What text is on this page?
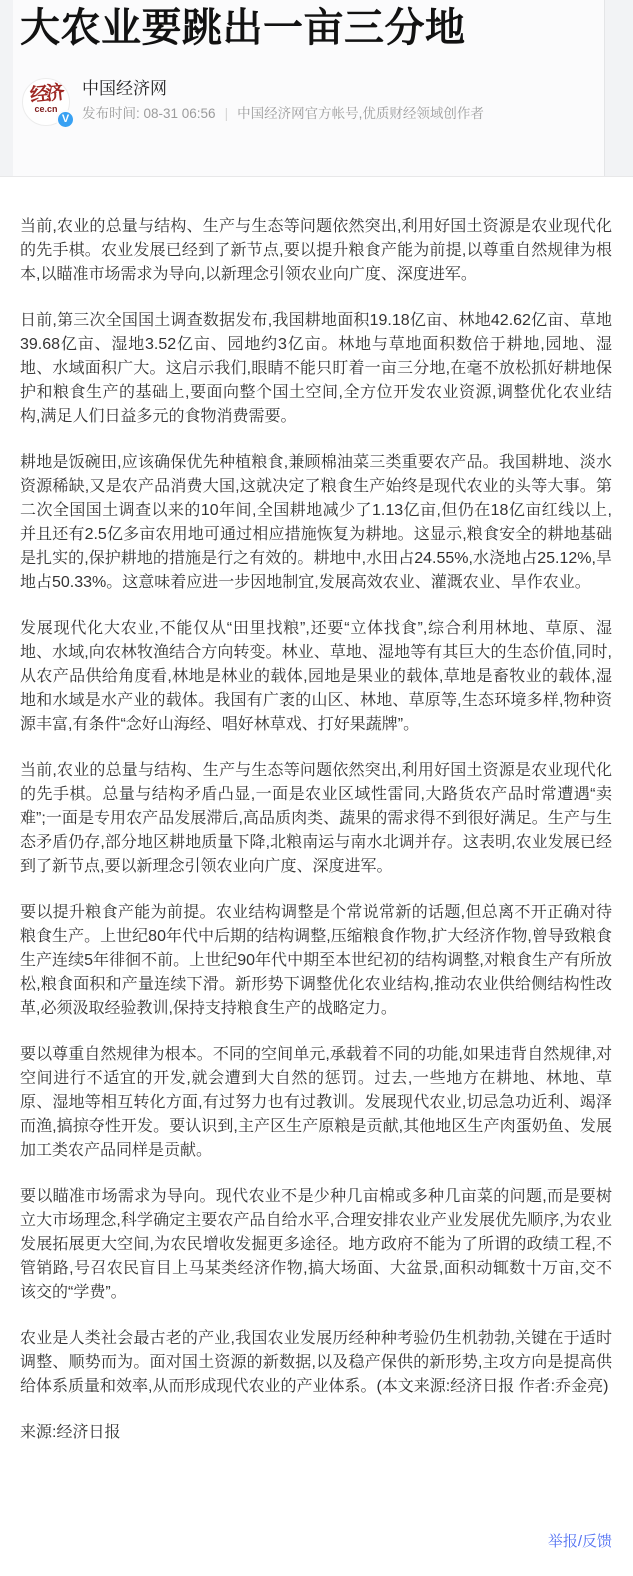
大农业要跳出一亩三分地
经济
ce.cn
V
中国经济网
发布时间: 08-31 06:56 | 中国经济网官方帐号,优质财经领域创作者

当前,农业的总量与结构、生产与生态等问题依然突出,利用好国土资源是农业现代化的先手棋。农业发展已经到了新节点,要以提升粮食产能为前提,以尊重自然规律为根本,以瞄准市场需求为导向,以新理念引领农业向广度、深度进军。

日前,第三次全国国土调查数据发布,我国耕地面积19.18亿亩、林地42.62亿亩、草地39.68亿亩、湿地3.52亿亩、园地约3亿亩。林地与草地面积数倍于耕地,园地、湿地、水域面积广大。这启示我们,眼睛不能只盯着一亩三分地,在毫不放松抓好耕地保护和粮食生产的基础上,要面向整个国土空间,全方位开发农业资源,调整优化农业结构,满足人们日益多元的食物消费需要。

耕地是饭碗田,应该确保优先种植粮食,兼顾棉油菜三类重要农产品。我国耕地、淡水资源稀缺,又是农产品消费大国,这就决定了粮食生产始终是现代农业的头等大事。第二次全国国土调查以来的10年间,全国耕地减少了1.13亿亩,但仍在18亿亩红线以上,并且还有2.5亿多亩农用地可通过相应措施恢复为耕地。这显示,粮食安全的耕地基础是扎实的,保护耕地的措施是行之有效的。耕地中,水田占24.55%,水浇地占25.12%,旱地占50.33%。这意味着应进一步因地制宜,发展高效农业、灌溉农业、旱作农业。

发展现代化大农业,不能仅从“田里找粮”,还要“立体找食”,综合利用林地、草原、湿地、水域,向农林牧渔结合方向转变。林业、草地、湿地等有其巨大的生态价值,同时,从农产品供给角度看,林地是林业的载体,园地是果业的载体,草地是畜牧业的载体,湿地和水域是水产业的载体。我国有广袤的山区、林地、草原等,生态环境多样,物种资源丰富,有条件“念好山海经、唱好林草戏、打好果蔬牌”。

当前,农业的总量与结构、生产与生态等问题依然突出,利用好国土资源是农业现代化的先手棋。总量与结构矛盾凸显,一面是农业区域性雷同,大路货农产品时常遭遇“卖难”;一面是专用农产品发展滞后,高品质肉类、蔬果的需求得不到很好满足。生产与生态矛盾仍存,部分地区耕地质量下降,北粮南运与南水北调并存。这表明,农业发展已经到了新节点,要以新理念引领农业向广度、深度进军。

要以提升粮食产能为前提。农业结构调整是个常说常新的话题,但总离不开正确对待粮食生产。上世纪80年代中后期的结构调整,压缩粮食作物,扩大经济作物,曾导致粮食生产连续5年徘徊不前。上世纪90年代中期至本世纪初的结构调整,对粮食生产有所放松,粮食面积和产量连续下滑。新形势下调整优化农业结构,推动农业供给侧结构性改革,必须汲取经验教训,保持支持粮食生产的战略定力。

要以尊重自然规律为根本。不同的空间单元,承载着不同的功能,如果违背自然规律,对空间进行不适宜的开发,就会遭到大自然的惩罚。过去,一些地方在耕地、林地、草原、湿地等相互转化方面,有过努力也有过教训。发展现代农业,切忌急功近利、竭泽而渔,搞掠夺性开发。要认识到,主产区生产原粮是贡献,其他地区生产肉蛋奶鱼、发展加工类农产品同样是贡献。

要以瞄准市场需求为导向。现代农业不是少种几亩棉或多种几亩菜的问题,而是要树立大市场理念,科学确定主要农产品自给水平,合理安排农业产业发展优先顺序,为农业发展拓展更大空间,为农民增收发掘更多途径。地方政府不能为了所谓的政绩工程,不管销路,号召农民盲目上马某类经济作物,搞大场面、大盆景,面积动辄数十万亩,交不该交的“学费”。

农业是人类社会最古老的产业,我国农业发展历经种种考验仍生机勃勃,关键在于适时调整、顺势而为。面对国土资源的新数据,以及稳产保供的新形势,主攻方向是提高供给体系质量和效率,从而形成现代农业的产业体系。(本文来源:经济日报 作者:乔金亮)

来源:经济日报

举报/反馈
